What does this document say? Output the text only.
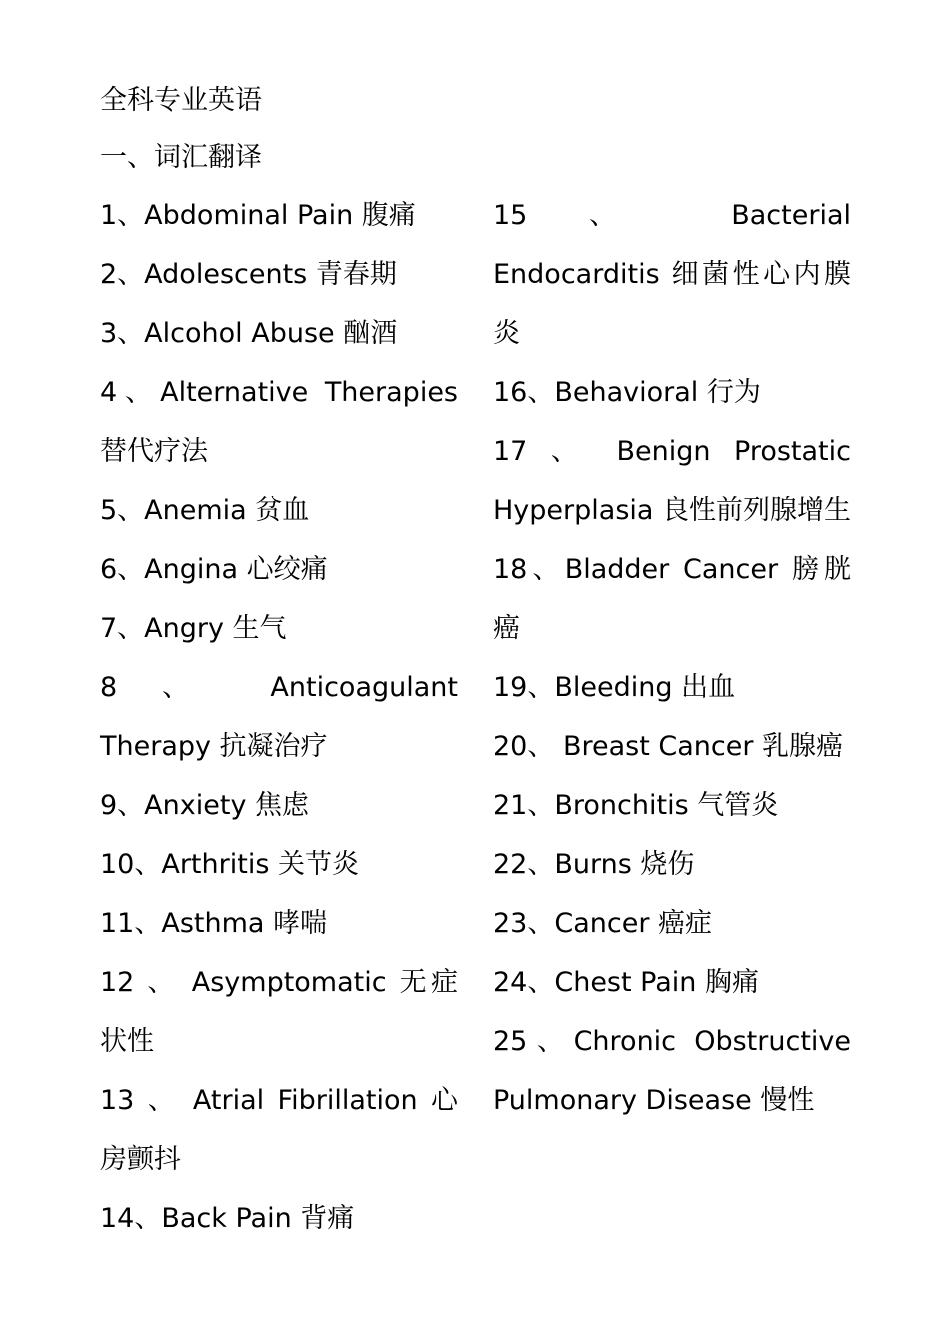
全科专业英语
一、词汇翻译

1、Abdominal Pain 腹痛

2、Adolescents 青春期

3、Alcohol Abuse 酗酒

4、Alternative Therapies 替代疗法

5、Anemia 贫血

6、Angina 心绞痛

7、Angry 生气

8 、 Anticoagulant Therapy 抗凝治疗

9、Anxiety 焦虑

10、Arthritis 关节炎

11、Asthma 哮喘

12 、 Asymptomatic 无症状性

13 、 Atrial Fibrillation 心房颤抖

14、Back Pain 背痛

15 、 Bacterial Endocarditis 细菌性心内膜炎

16、Behavioral 行为

17 、 Benign Prostatic Hyperplasia 良性前列腺增生

18、Bladder Cancer 膀胱癌

19、Bleeding 出血

20、 Breast Cancer 乳腺癌

21、Bronchitis 气管炎

22、Burns 烧伤

23、Cancer 癌症

24、Chest Pain 胸痛

25、Chronic Obstructive Pulmonary Disease 慢性
